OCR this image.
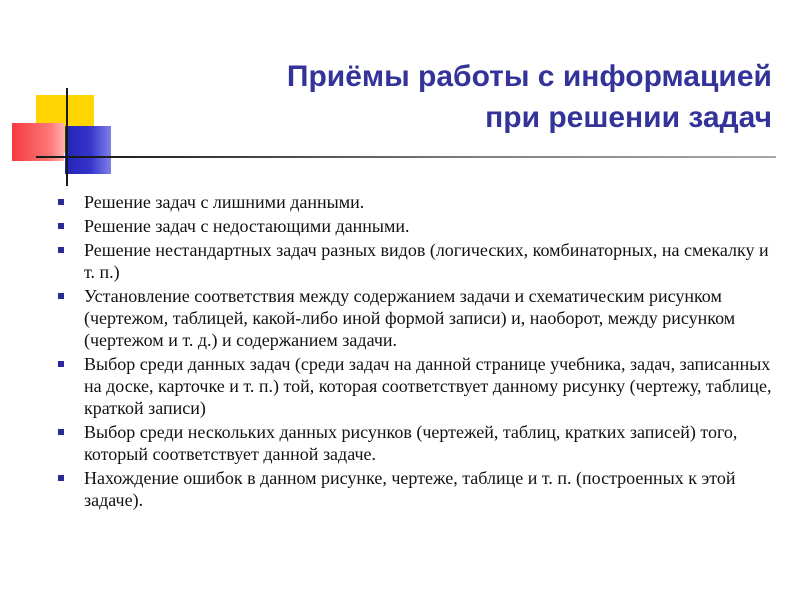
Приёмы работы с информацией
при решении задач
Решение задач с лишними данными.
Решение задач с недостающими данными.
Решение нестандартных задач разных видов (логических, комбинаторных, на смекалку и т. п.)
Установление соответствия между содержанием задачи и схематическим рисунком (чертежом, таблицей, какой-либо иной формой записи) и, наоборот, между рисунком (чертежом и т. д.) и содержанием задачи.
Выбор среди данных задач (среди задач на данной странице учебника, задач, записанных на доске, карточке и т. п.) той, которая соответствует данному рисунку (чертежу, таблице, краткой записи)
Выбор среди нескольких данных рисунков (чертежей, таблиц, кратких записей) того, который соответствует данной задаче.
Нахождение ошибок в данном рисунке, чертеже, таблице и т. п. (построенных к этой задаче).
